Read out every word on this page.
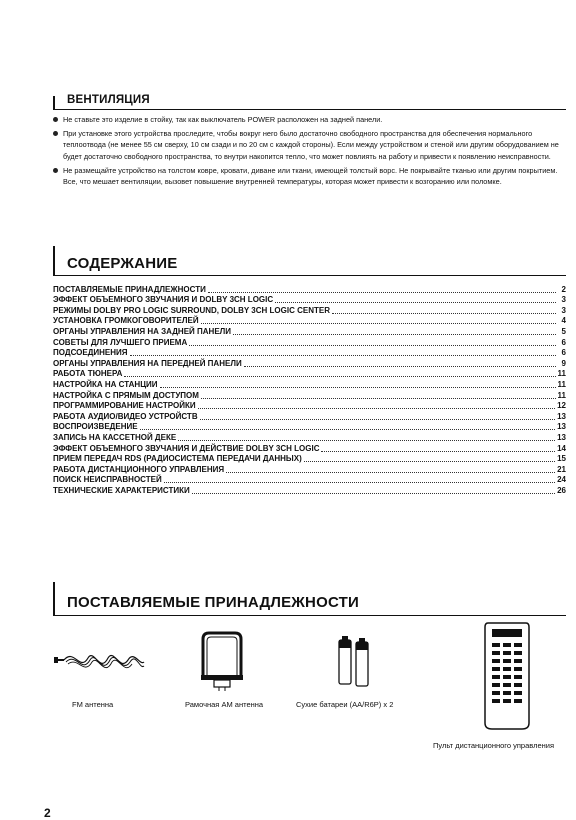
ВЕНТИЛЯЦИЯ
Не ставьте это изделие в стойку, так как выключатель POWER расположен на задней панели.
При установке этого устройства проследите, чтобы вокруг него было достаточно свободного пространства для обеспечения нормального теплоотвода (не менее 55 см сверху, 10 см сзади и по 20 см с каждой стороны). Если между устройством и стеной или другим оборудованием не будет достаточно свободного пространства, то внутри накопится тепло, что может повлиять на работу и привести к появлению неисправности.
Не размещайте устройство на толстом ковре, кровати, диване или ткани, имеющей толстый ворс. Не покрывайте тканью или другим покрытием. Все, что мешает вентиляции, вызовет повышение внутренней температуры, которая может привести к возгоранию или поломке.
СОДЕРЖАНИЕ
ПОСТАВЛЯЕМЫЕ ПРИНАДЛЕЖНОСТИ	2
ЭФФЕКТ ОБЪЕМНОГО ЗВУЧАНИЯ И DOLBY 3CH LOGIC	3
РЕЖИМЫ DOLBY PRO LOGIC SURROUND, DOLBY 3CH LOGIC CENTER	3
УСТАНОВКА ГРОМКОГОВОРИТЕЛЕЙ	4
ОРГАНЫ УПРАВЛЕНИЯ НА ЗАДНЕЙ ПАНЕЛИ	5
СОВЕТЫ ДЛЯ ЛУЧШЕГО ПРИЕМА	6
ПОДСОЕДИНЕНИЯ	6
ОРГАНЫ УПРАВЛЕНИЯ НА ПЕРЕДНЕЙ ПАНЕЛИ	9
РАБОТА ТЮНЕРА	11
НАСТРОЙКА НА СТАНЦИИ	11
НАСТРОЙКА С ПРЯМЫМ ДОСТУПОМ	11
ПРОГРАММИРОВАНИЕ НАСТРОЙКИ	12
РАБОТА АУДИО/ВИДЕО УСТРОЙСТВ	13
ВОСПРОИЗВЕДЕНИЕ	13
ЗАПИСЬ НА КАССЕТНОЙ ДЕКЕ	13
ЭФФЕКТ ОБЪЕМНОГО ЗВУЧАНИЯ И ДЕЙСТВИЕ DOLBY 3CH LOGIC	14
ПРИЕМ ПЕРЕДАЧ RDS (РАДИОСИСТЕМА ПЕРЕДАЧИ ДАННЫХ)	15
РАБОТА ДИСТАНЦИОННОГО УПРАВЛЕНИЯ	21
ПОИСК НЕИСПРАВНОСТЕЙ	24
ТЕХНИЧЕСКИЕ ХАРАКТЕРИСТИКИ	26
ПОСТАВЛЯЕМЫЕ ПРИНАДЛЕЖНОСТИ
FM антенна	Рамочная АМ антенна	Сухие батареи (AA/R6P) x 2
Пульт дистанционного управления
2
